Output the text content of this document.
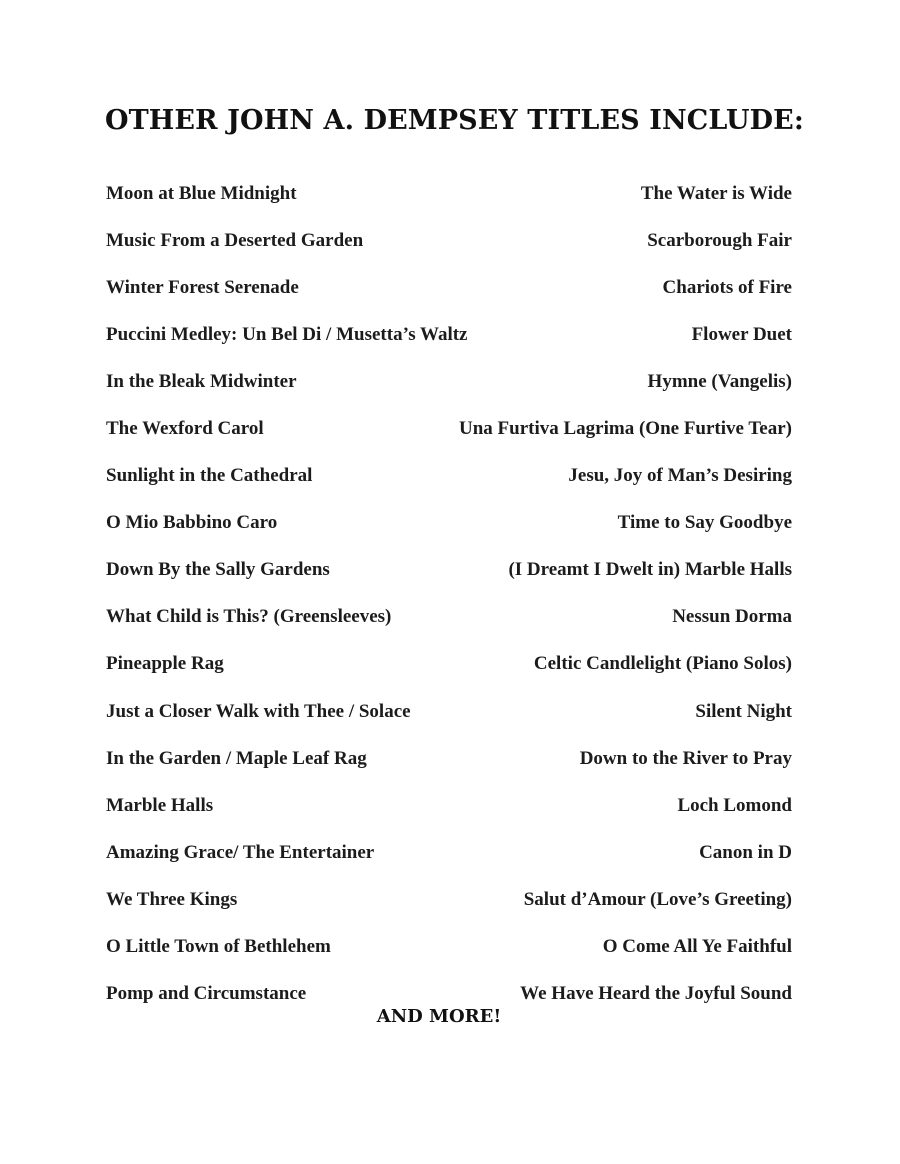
OTHER JOHN A. DEMPSEY TITLES INCLUDE:
Moon at Blue Midnight	The Water is Wide
Music From a Deserted Garden	Scarborough Fair
Winter Forest Serenade	Chariots of Fire
Puccini Medley: Un Bel Di / Musetta’s Waltz	Flower Duet
In the Bleak Midwinter	Hymne (Vangelis)
The Wexford Carol	Una Furtiva Lagrima (One Furtive Tear)
Sunlight in the Cathedral	Jesu, Joy of Man’s Desiring
O Mio Babbino Caro	Time to Say Goodbye
Down By the Sally Gardens	(I Dreamt I Dwelt in) Marble Halls
What Child is This? (Greensleeves)	Nessun Dorma
Pineapple Rag	Celtic Candlelight (Piano Solos)
Just a Closer Walk with Thee / Solace	Silent Night
In the Garden / Maple Leaf Rag	Down to the River to Pray
Marble Halls	Loch Lomond
Amazing Grace/ The Entertainer	Canon in D
We Three Kings	Salut d’Amour (Love’s Greeting)
O Little Town of Bethlehem	O Come All Ye Faithful
Pomp and Circumstance	We Have Heard the Joyful Sound
AND MORE!
